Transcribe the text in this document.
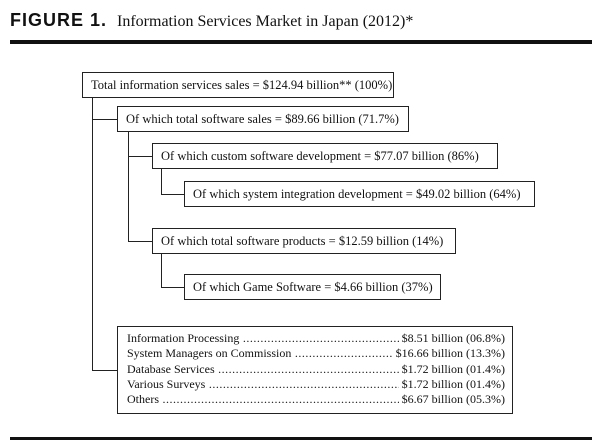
FIGURE 1. Information Services Market in Japan (2012)*
Total information services sales = $124.94 billion** (100%)
Of which total software sales = $89.66 billion (71.7%)
Of which custom software development = $77.07 billion (86%)
Of which system integration development = $49.02 billion (64%)
Of which total software products = $12.59 billion (14%)
Of which Game Software = $4.66 billion (37%)
Information Processing .....	$8.51 billion (06.8%)
System Managers on Commission .....	$16.66 billion (13.3%)
Database Services .....	$1.72 billion (01.4%)
Various Surveys .....	$1.72 billion (01.4%)
Others .....	$6.67 billion (05.3%)
